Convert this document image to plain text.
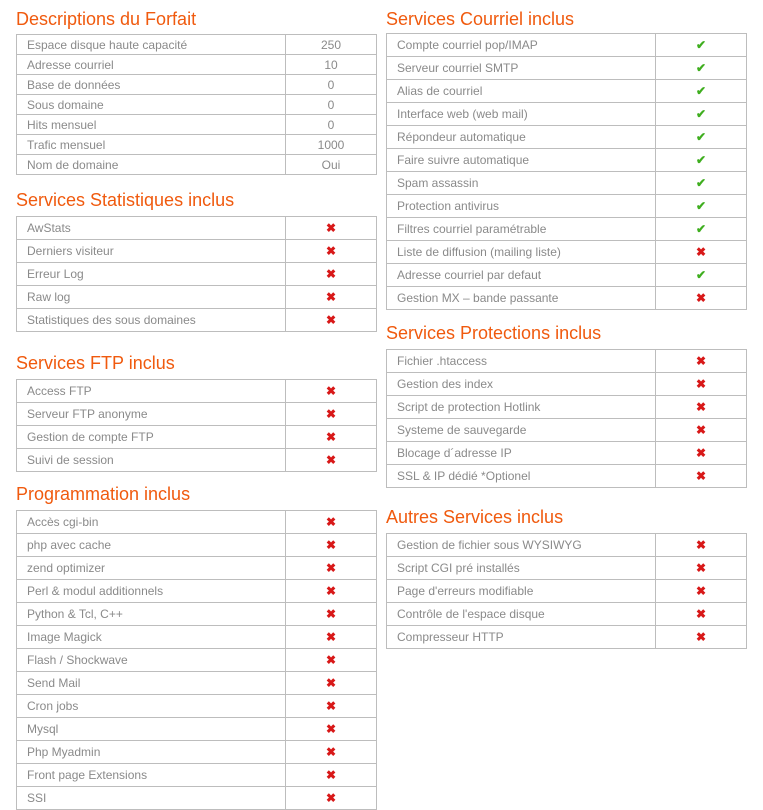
Descriptions du Forfait
Espace disque haute capacité	250
Adresse courriel	10
Base de données	0
Sous domaine	0
Hits mensuel	0
Trafic mensuel	1000
Nom de domaine	Oui
Services Statistiques inclus
AwStats	✖
Derniers visiteur	✖
Erreur Log	✖
Raw log	✖
Statistiques des sous domaines	✖
Services FTP inclus
Access FTP	✖
Serveur FTP anonyme	✖
Gestion de compte FTP	✖
Suivi de session	✖
Programmation inclus
Accès cgi-bin	✖
php avec cache	✖
zend optimizer	✖
Perl & modul additionnels	✖
Python & Tcl, C++	✖
Image Magick	✖
Flash / Shockwave	✖
Send Mail	✖
Cron jobs	✖
Mysql	✖
Php Myadmin	✖
Front page Extensions	✖
SSI	✖
Services Courriel inclus
Compte courriel pop/IMAP	✔
Serveur courriel SMTP	✔
Alias de courriel	✔
Interface web (web mail)	✔
Répondeur automatique	✔
Faire suivre automatique	✔
Spam assassin	✔
Protection antivirus	✔
Filtres courriel paramétrable	✔
Liste de diffusion (mailing liste)	✖
Adresse courriel par defaut	✔
Gestion MX – bande passante	✖
Services Protections inclus
Fichier .htaccess	✖
Gestion des index	✖
Script de protection Hotlink	✖
Systeme de sauvegarde	✖
Blocage d´adresse IP	✖
SSL & IP dédié *Optionel	✖
Autres Services inclus
Gestion de fichier sous WYSIWYG	✖
Script CGI pré installés	✖
Page d'erreurs modifiable	✖
Contrôle de l'espace disque	✖
Compresseur HTTP	✖
